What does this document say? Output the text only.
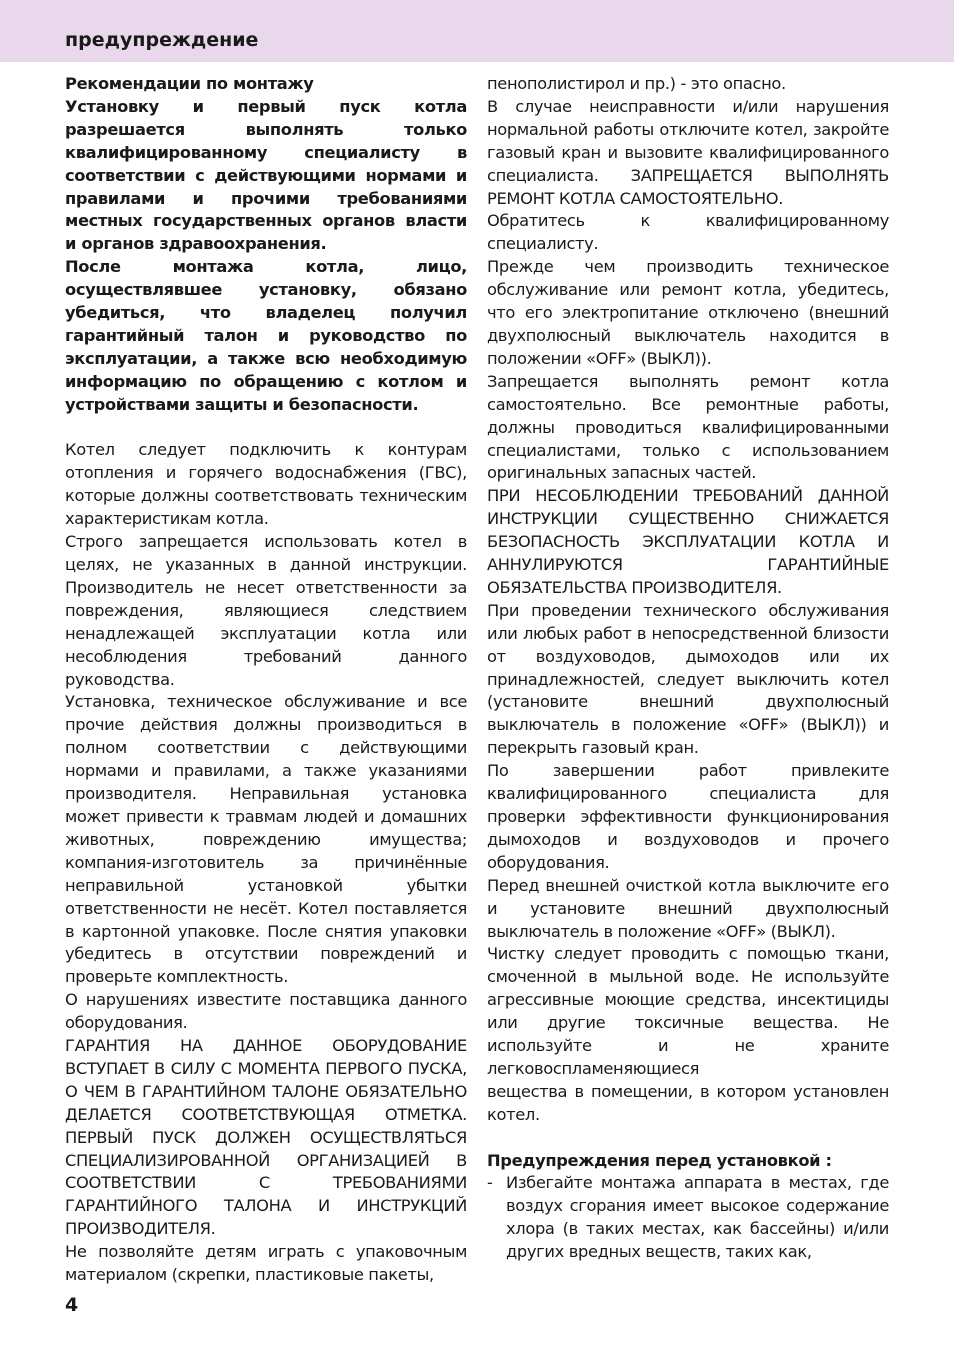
предупреждение

Рекомендации по монтажу

Установку и первый пуск котла разрешается выполнять только квалифицированному специалисту в соответствии с действующими нормами и правилами и прочими требованиями местных государственных органов власти и органов здравоохранения.

После монтажа котла, лицо, осуществлявшее установку, обязано убедиться, что владелец получил гарантийный талон и руководство по эксплуатации, а также всю необходимую информацию по обращению с котлом и устройствами защиты и безопасности.

Котел следует подключить к контурам отопления и горячего водоснабжения (ГВС), которые должны соответствовать техническим характеристикам котла.

Строго запрещается использовать котел в целях, не указанных в данной инструкции. Производитель не несет ответственности за повреждения, являющиеся следствием ненадлежащей эксплуатации котла или несоблюдения требований данного руководства.

Установка, техническое обслуживание и все прочие действия должны производиться в полном соответствии с действующими нормами и правилами, а также указаниями производителя. Неправильная установка может привести к травмам людей и домашних животных, повреждению имущества; компания-изготовитель за причинённые неправильной установкой убытки ответственности не несёт. Котел поставляется в картонной упаковке. После снятия упаковки убедитесь в отсутствии повреждений и проверьте комплектность.

О нарушениях известите поставщика данного оборудования.

ГАРАНТИЯ НА ДАННОЕ ОБОРУДОВАНИЕ ВСТУПАЕТ В СИЛУ С МОМЕНТА ПЕРВОГО ПУСКА, О ЧЕМ В ГАРАНТИЙНОМ ТАЛОНЕ ОБЯЗАТЕЛЬНО ДЕЛАЕТСЯ СООТВЕТСТВУЮЩАЯ ОТМЕТКА. ПЕРВЫЙ ПУСК ДОЛЖЕН ОСУЩЕСТВЛЯТЬСЯ СПЕЦИАЛИЗИРОВАННОЙ ОРГАНИЗАЦИЕЙ В СООТВЕТСТВИИ С ТРЕБОВАНИЯМИ ГАРАНТИЙНОГО ТАЛОНА И ИНСТРУКЦИЙ ПРОИЗВОДИТЕЛЯ.

Не позволяйте детям играть с упаковочным материалом (скрепки, пластиковые пакеты,

пенополистирол и пр.) - это опасно.

В случае неисправности и/или нарушения нормальной работы отключите котел, закройте газовый кран и вызовите квалифицированного специалиста. ЗАПРЕЩАЕТСЯ ВЫПОЛНЯТЬ РЕМОНТ КОТЛА САМОСТОЯТЕЛЬНО.

Обратитесь к квалифицированному специалисту.

Прежде чем производить техническое обслуживание или ремонт котла, убедитесь, что его электропитание отключено (внешний двухполюсный выключатель находится в положении «OFF» (ВЫКЛ)).

Запрещается выполнять ремонт котла самостоятельно. Все ремонтные работы, должны проводиться квалифицированными специалистами, только с использованием оригинальных запасных частей.

ПРИ НЕСОБЛЮДЕНИИ ТРЕБОВАНИЙ ДАННОЙ ИНСТРУКЦИИ СУЩЕСТВЕННО СНИЖАЕТСЯ БЕЗОПАСНОСТЬ ЭКСПЛУАТАЦИИ КОТЛА И АННУЛИРУЮТСЯ ГАРАНТИЙНЫЕ ОБЯЗАТЕЛЬСТВА ПРОИЗВОДИТЕЛЯ.

При проведении технического обслуживания или любых работ в непосредственной близости от воздуховодов, дымоходов или их принадлежностей, следует выключить котел (установите внешний двухполюсный выключатель в положение «OFF» (ВЫКЛ)) и перекрыть газовый кран.

По завершении работ привлеките квалифицированного специалиста для проверки эффективности функционирования дымоходов и воздуховодов и прочего оборудования.

Перед внешней очисткой котла выключите его и установите внешний двухполюсный выключатель в положение «OFF» (ВЫКЛ).

Чистку следует проводить с помощью ткани, смоченной в мыльной воде. Не используйте агрессивные моющие средства, инсектициды или другие токсичные вещества. Не используйте и не храните легковоспламеняющиеся

вещества в помещении, в котором установлен котел.

Предупреждения перед установкой :

- Избегайте монтажа аппарата в местах, где воздух сгорания имеет высокое содержание хлора (в таких местах, как бассейны) и/или других вредных веществ, таких как,
4
